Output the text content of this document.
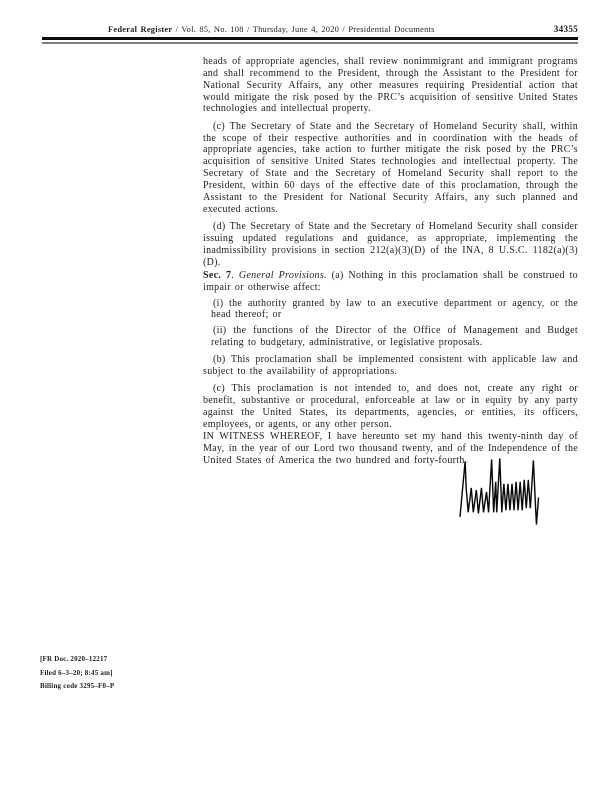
Federal Register / Vol. 85, No. 108 / Thursday, June 4, 2020 / Presidential Documents	34355

heads of appropriate agencies, shall review nonimmigrant and immigrant programs and shall recommend to the President, through the Assistant to the President for National Security Affairs, any other measures requiring Presidential action that would mitigate the risk posed by the PRC’s acquisition of sensitive United States technologies and intellectual property.

(c) The Secretary of State and the Secretary of Homeland Security shall, within the scope of their respective authorities and in coordination with the heads of appropriate agencies, take action to further mitigate the risk posed by the PRC’s acquisition of sensitive United States technologies and intellectual property. The Secretary of State and the Secretary of Homeland Security shall report to the President, within 60 days of the effective date of this proclamation, through the Assistant to the President for National Security Affairs, any such planned and executed actions.

(d) The Secretary of State and the Secretary of Homeland Security shall consider issuing updated regulations and guidance, as appropriate, implementing the inadmissibility provisions in section 212(a)(3)(D) of the INA, 8 U.S.C. 1182(a)(3)(D).

Sec. 7. General Provisions. (a) Nothing in this proclamation shall be construed to impair or otherwise affect:

(i) the authority granted by law to an executive department or agency, or the head thereof; or

(ii) the functions of the Director of the Office of Management and Budget relating to budgetary, administrative, or legislative proposals.

(b) This proclamation shall be implemented consistent with applicable law and subject to the availability of appropriations.

(c) This proclamation is not intended to, and does not, create any right or benefit, substantive or procedural, enforceable at law or in equity by any party against the United States, its departments, agencies, or entities, its officers, employees, or agents, or any other person.

IN WITNESS WHEREOF, I have hereunto set my hand this twenty-ninth day of May, in the year of our Lord two thousand twenty, and of the Independence of the United States of America the two hundred and forty-fourth.

[FR Doc. 2020–12217

Filed 6–3–20; 8:45 am]

Billing code 3295–F0–P
